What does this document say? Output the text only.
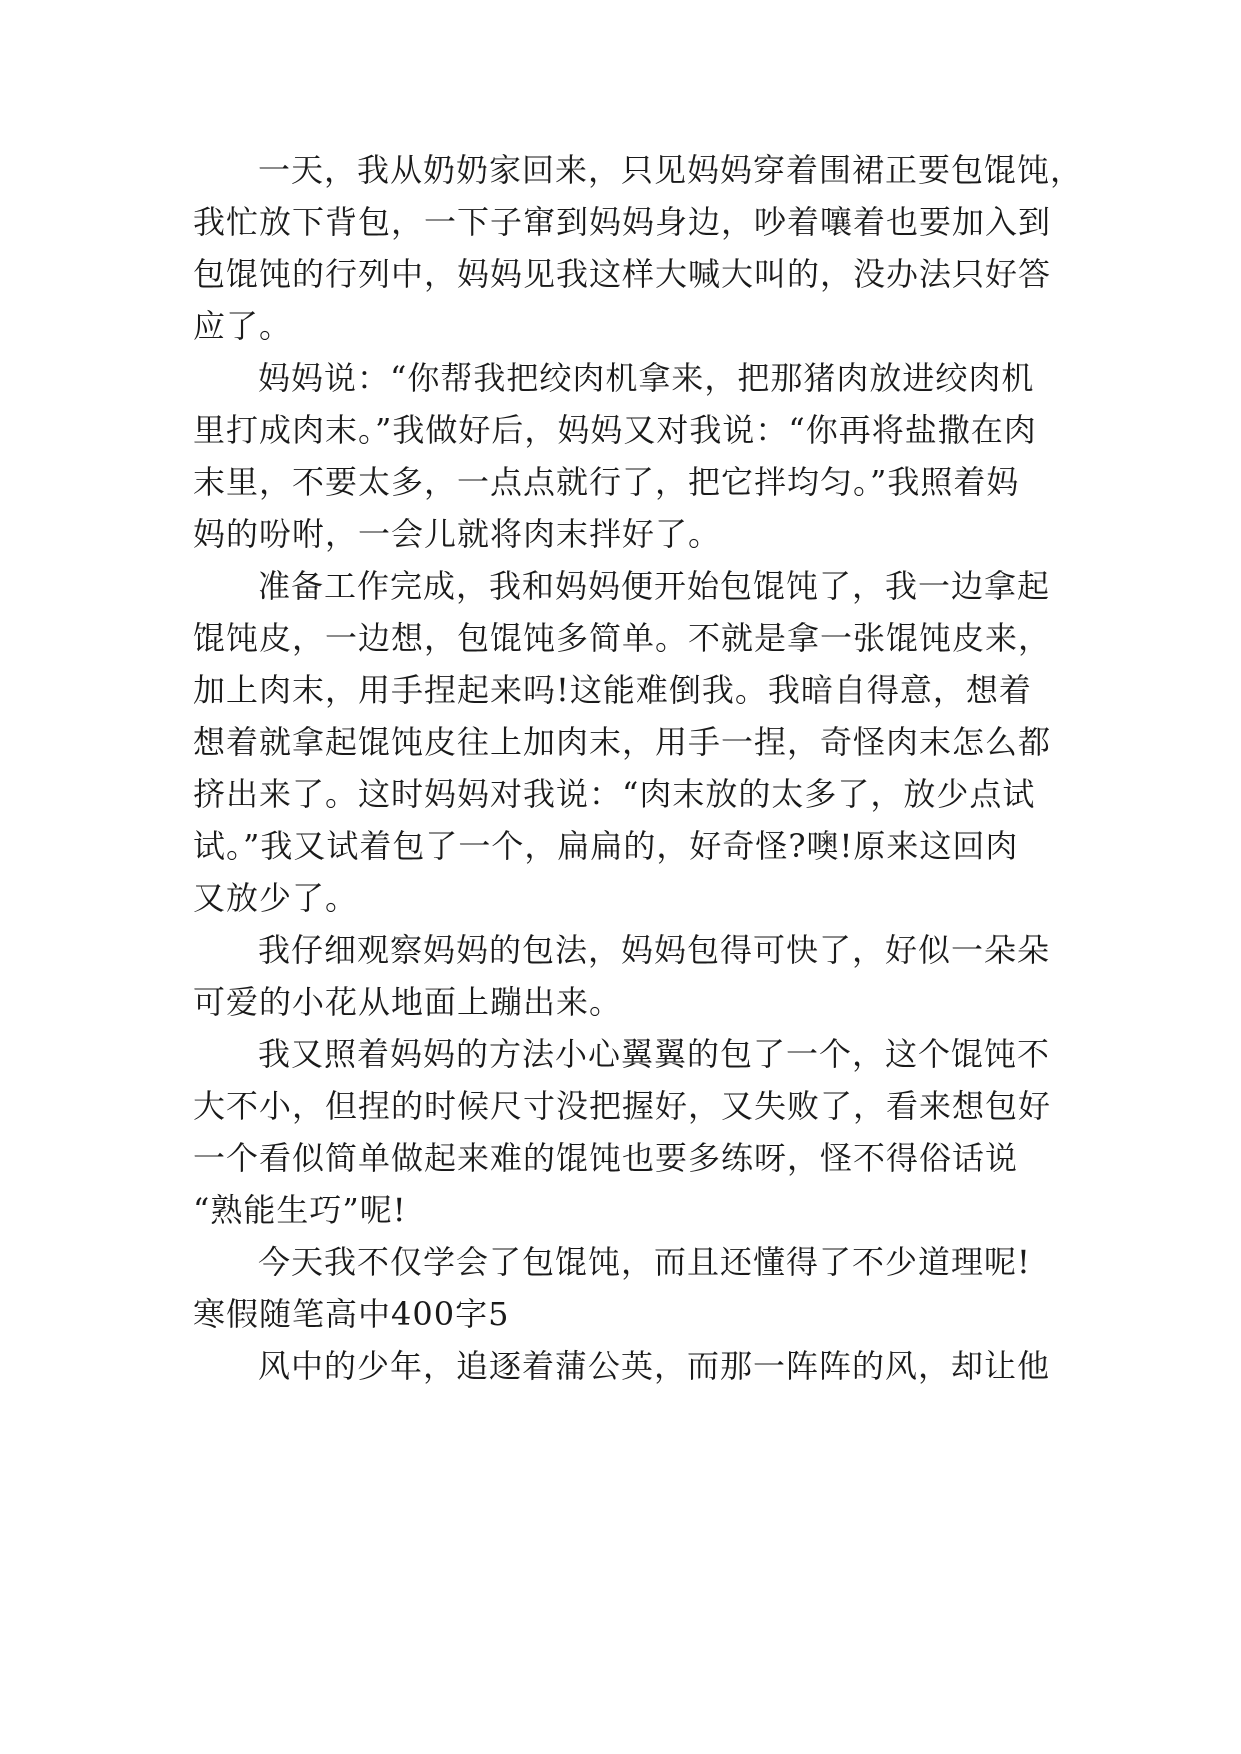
一天，我从奶奶家回来，只见妈妈穿着围裙正要包馄饨，
我忙放下背包，一下子窜到妈妈身边，吵着嚷着也要加入到
包馄饨的行列中，妈妈见我这样大喊大叫的，没办法只好答
应了。
妈妈说：“你帮我把绞肉机拿来，把那猪肉放进绞肉机
里打成肉末。”我做好后，妈妈又对我说：“你再将盐撒在肉
末里，不要太多，一点点就行了，把它拌均匀。”我照着妈
妈的吩咐，一会儿就将肉末拌好了。
准备工作完成，我和妈妈便开始包馄饨了，我一边拿起
馄饨皮，一边想，包馄饨多简单。不就是拿一张馄饨皮来，
加上肉末，用手捏起来吗!这能难倒我。我暗自得意，想着
想着就拿起馄饨皮往上加肉末，用手一捏，奇怪肉末怎么都
挤出来了。这时妈妈对我说：“肉末放的太多了，放少点试
试。”我又试着包了一个，扁扁的，好奇怪?噢!原来这回肉
又放少了。
我仔细观察妈妈的包法，妈妈包得可快了，好似一朵朵
可爱的小花从地面上蹦出来。
我又照着妈妈的方法小心翼翼的包了一个，这个馄饨不
大不小，但捏的时候尺寸没把握好，又失败了，看来想包好
一个看似简单做起来难的馄饨也要多练呀，怪不得俗话说
“熟能生巧”呢!
今天我不仅学会了包馄饨，而且还懂得了不少道理呢!
寒假随笔高中400字5
风中的少年，追逐着蒲公英，而那一阵阵的风，却让他
